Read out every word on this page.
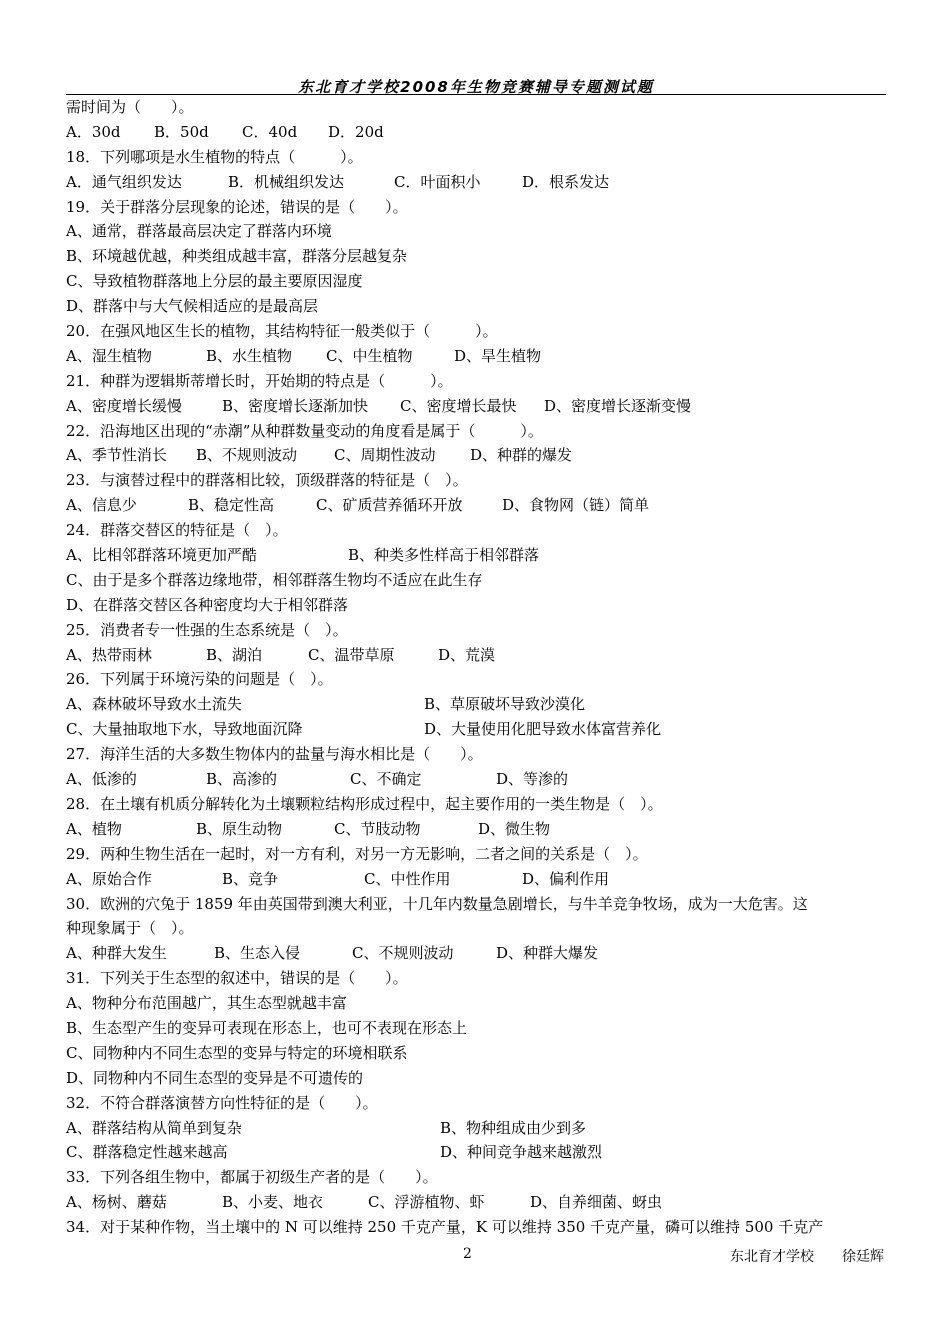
东北育才学校2008年生物竞赛辅导专题测试题
需时间为（　　）。
A．30d B．50d C．40d D．20d
18．下列哪项是水生植物的特点（　　　）。
A．通气组织发达	B．机械组织发达	C．叶面积小	D．根系发达
19．关于群落分层现象的论述，错误的是（　　）。
A、通常，群落最高层决定了群落内环境
B、环境越优越，种类组成越丰富，群落分层越复杂
C、导致植物群落地上分层的最主要原因湿度
D、群落中与大气候相适应的是最高层
20．在强风地区生长的植物，其结构特征一般类似于（　　　）。
A、湿生植物	B、水生植物 C、中生植物	D、旱生植物
21．种群为逻辑斯蒂增长时，开始期的特点是（　　　）。
A、密度增长缓慢	B、密度增长逐渐加快 C、密度增长最快 D、密度增长逐渐变慢
22．沿海地区出现的“赤潮”从种群数量变动的角度看是属于（　　　）。
A、季节性消长 B、不规则波动 C、周期性波动 D、种群的爆发
23．与演替过程中的群落相比较，顶级群落的特征是（　）。
A、信息少	B、稳定性高	C、矿质营养循环开放	D、食物网（链）简单
24．群落交替区的特征是（　）。
A、比相邻群落环境更加严酷	B、种类多性样高于相邻群落
C、由于是多个群落边缘地带，相邻群落生物均不适应在此生存
D、在群落交替区各种密度均大于相邻群落
25．消费者专一性强的生态系统是（　）。
A、热带雨林	B、湖泊	C、温带草原	D、荒漠
26．下列属于环境污染的问题是（　）。
A、森林破坏导致水土流失	B、草原破坏导致沙漠化
C、大量抽取地下水，导致地面沉降	D、大量使用化肥导致水体富营养化
27．海洋生活的大多数生物体内的盐量与海水相比是（　　）。
A、低渗的	B、高渗的	C、不确定	D、等渗的
28．在土壤有机质分解转化为土壤颗粒结构形成过程中，起主要作用的一类生物是（　）。
A、植物	B、原生动物	C、节肢动物	D、微生物
29．两种生物生活在一起时，对一方有利，对另一方无影响，二者之间的关系是（　）。
A、原始合作	B、竞争	C、中性作用	D、偏利作用
30．欧洲的穴兔于 1859 年由英国带到澳大利亚，十几年内数量急剧增长，与牛羊竞争牧场，成为一大危害。这
种现象属于（　）。
A、种群大发生	B、生态入侵	C、不规则波动	D、种群大爆发
31．下列关于生态型的叙述中，错误的是（　　）。
A、物种分布范围越广，其生态型就越丰富
B、生态型产生的变异可表现在形态上，也可不表现在形态上
C、同物种内不同生态型的变异与特定的环境相联系
D、同物种内不同生态型的变异是不可遗传的
32．不符合群落演替方向性特征的是（　　）。
A、群落结构从简单到复杂	B、物种组成由少到多
C、群落稳定性越来越高	D、种间竞争越来越激烈
33．下列各组生物中，都属于初级生产者的是（　　）。
A、杨树、蘑菇	B、小麦、地衣	C、浮游植物、虾	D、自养细菌、蚜虫
34．对于某种作物，当土壤中的 N 可以维持 250 千克产量，K 可以维持 350 千克产量，磷可以维持 500 千克产
2	东北育才学校　　徐廷辉
